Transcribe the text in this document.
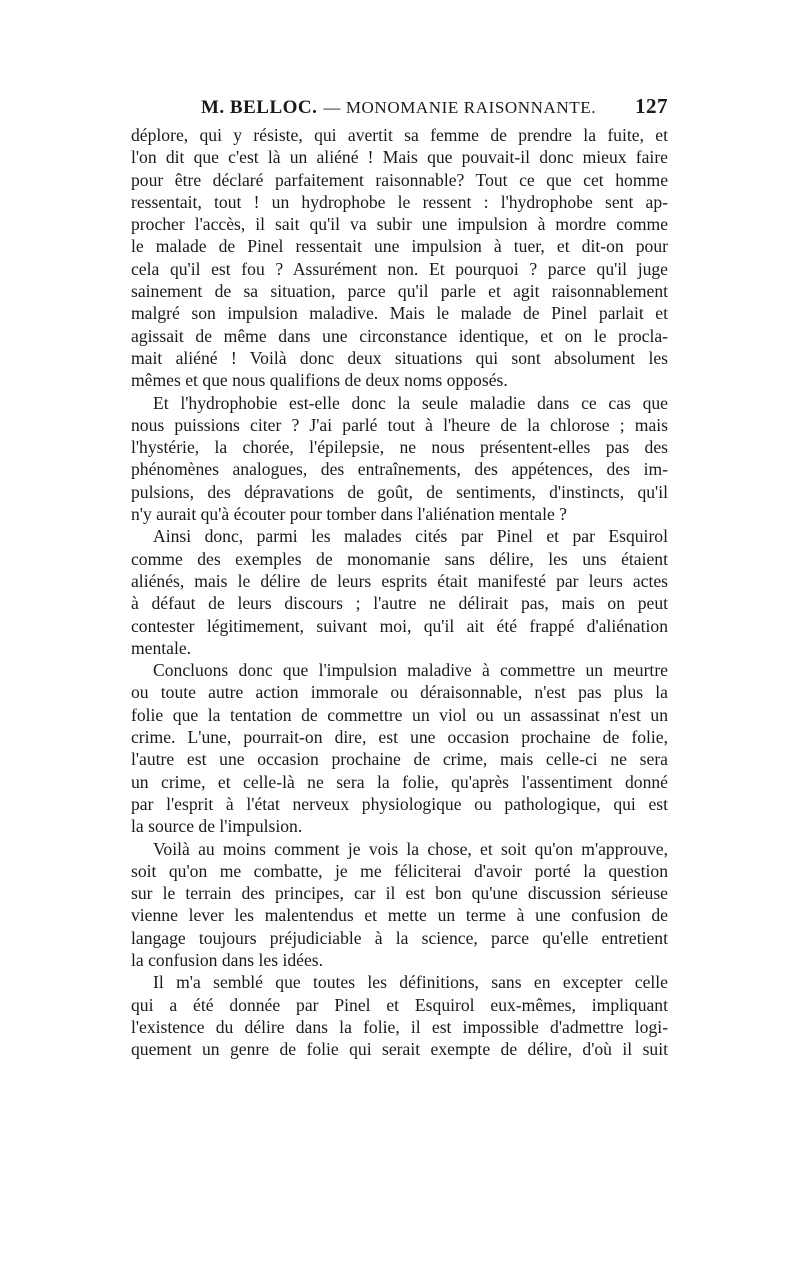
M. BELLOC. — MONOMANIE RAISONNANTE.	127
déplore, qui y résiste, qui avertit sa femme de prendre la fuite, et
l'on dit que c'est là un aliéné ! Mais que pouvait-il donc mieux faire
pour être déclaré parfaitement raisonnable? Tout ce que cet homme
ressentait, tout ! un hydrophobe le ressent : l'hydrophobe sent ap-
procher l'accès, il sait qu'il va subir une impulsion à mordre comme
le malade de Pinel ressentait une impulsion à tuer, et dit-on pour
cela qu'il est fou ? Assurément non. Et pourquoi ? parce qu'il juge
sainement de sa situation, parce qu'il parle et agit raisonnablement
malgré son impulsion maladive. Mais le malade de Pinel parlait et
agissait de même dans une circonstance identique, et on le procla-
mait aliéné ! Voilà donc deux situations qui sont absolument les
mêmes et que nous qualifions de deux noms opposés.
Et l'hydrophobie est-elle donc la seule maladie dans ce cas que
nous puissions citer ? J'ai parlé tout à l'heure de la chlorose ; mais
l'hystérie, la chorée, l'épilepsie, ne nous présentent-elles pas des
phénomènes analogues, des entraînements, des appétences, des im-
pulsions, des dépravations de goût, de sentiments, d'instincts, qu'il
n'y aurait qu'à écouter pour tomber dans l'aliénation mentale ?
Ainsi donc, parmi les malades cités par Pinel et par Esquirol
comme des exemples de monomanie sans délire, les uns étaient
aliénés, mais le délire de leurs esprits était manifesté par leurs actes
à défaut de leurs discours ; l'autre ne délirait pas, mais on peut
contester légitimement, suivant moi, qu'il ait été frappé d'aliénation
mentale.
Concluons donc que l'impulsion maladive à commettre un meurtre
ou toute autre action immorale ou déraisonnable, n'est pas plus la
folie que la tentation de commettre un viol ou un assassinat n'est un
crime. L'une, pourrait-on dire, est une occasion prochaine de folie,
l'autre est une occasion prochaine de crime, mais celle-ci ne sera
un crime, et celle-là ne sera la folie, qu'après l'assentiment donné
par l'esprit à l'état nerveux physiologique ou pathologique, qui est
la source de l'impulsion.
Voilà au moins comment je vois la chose, et soit qu'on m'approuve,
soit qu'on me combatte, je me féliciterai d'avoir porté la question
sur le terrain des principes, car il est bon qu'une discussion sérieuse
vienne lever les malentendus et mette un terme à une confusion de
langage toujours préjudiciable à la science, parce qu'elle entretient
la confusion dans les idées.
Il m'a semblé que toutes les définitions, sans en excepter celle
qui a été donnée par Pinel et Esquirol eux-mêmes, impliquant
l'existence du délire dans la folie, il est impossible d'admettre logi-
quement un genre de folie qui serait exempte de délire, d'où il suit
